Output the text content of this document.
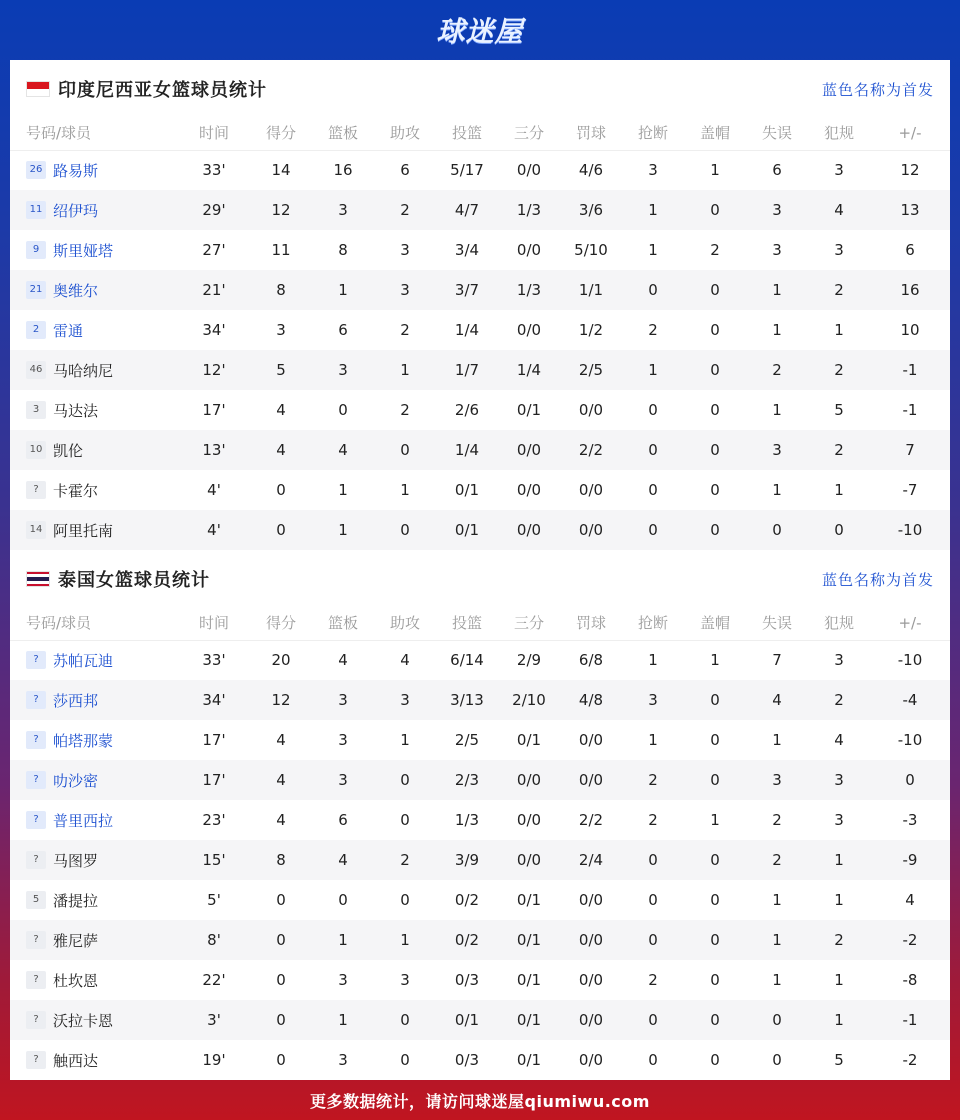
球迷屋
印度尼西亚女篮球员统计	蓝色名称为首发
号码/球员	时间	得分	篮板	助攻	投篮	三分	罚球	抢断	盖帽	失误	犯规	+/-
26 路易斯	33'	14	16	6	5/17	0/0	4/6	3	1	6	3	12
11 绍伊玛	29'	12	3	2	4/7	1/3	3/6	1	0	3	4	13
9 斯里娅塔	27'	11	8	3	3/4	0/0	5/10	1	2	3	3	6
21 奥维尔	21'	8	1	3	3/7	1/3	1/1	0	0	1	2	16
2 雷通	34'	3	6	2	1/4	0/0	1/2	2	0	1	1	10
46 马哈纳尼	12'	5	3	1	1/7	1/4	2/5	1	0	2	2	-1
3 马达法	17'	4	0	2	2/6	0/1	0/0	0	0	1	5	-1
10 凯伦	13'	4	4	0	1/4	0/0	2/2	0	0	3	2	7
? 卡霍尔	4'	0	1	1	0/1	0/0	0/0	0	0	1	1	-7
14 阿里托南	4'	0	1	0	0/1	0/0	0/0	0	0	0	0	-10
泰国女篮球员统计	蓝色名称为首发
号码/球员	时间	得分	篮板	助攻	投篮	三分	罚球	抢断	盖帽	失误	犯规	+/-
? 苏帕瓦迪	33'	20	4	4	6/14	2/9	6/8	1	1	7	3	-10
? 莎西邦	34'	12	3	3	3/13	2/10	4/8	3	0	4	2	-4
? 帕塔那蒙	17'	4	3	1	2/5	0/1	0/0	1	0	1	4	-10
? 叻沙密	17'	4	3	0	2/3	0/0	0/0	2	0	3	3	0
? 普里西拉	23'	4	6	0	1/3	0/0	2/2	2	1	2	3	-3
? 马图罗	15'	8	4	2	3/9	0/0	2/4	0	0	2	1	-9
5 潘提拉	5'	0	0	0	0/2	0/1	0/0	0	0	1	1	4
? 雅尼萨	8'	0	1	1	0/2	0/1	0/0	0	0	1	2	-2
? 杜坎恩	22'	0	3	3	0/3	0/1	0/0	2	0	1	1	-8
? 沃拉卡恩	3'	0	1	0	0/1	0/1	0/0	0	0	0	1	-1
? 触西达	19'	0	3	0	0/3	0/1	0/0	0	0	0	5	-2
更多数据统计，请访问球迷屋qiumiwu.com
